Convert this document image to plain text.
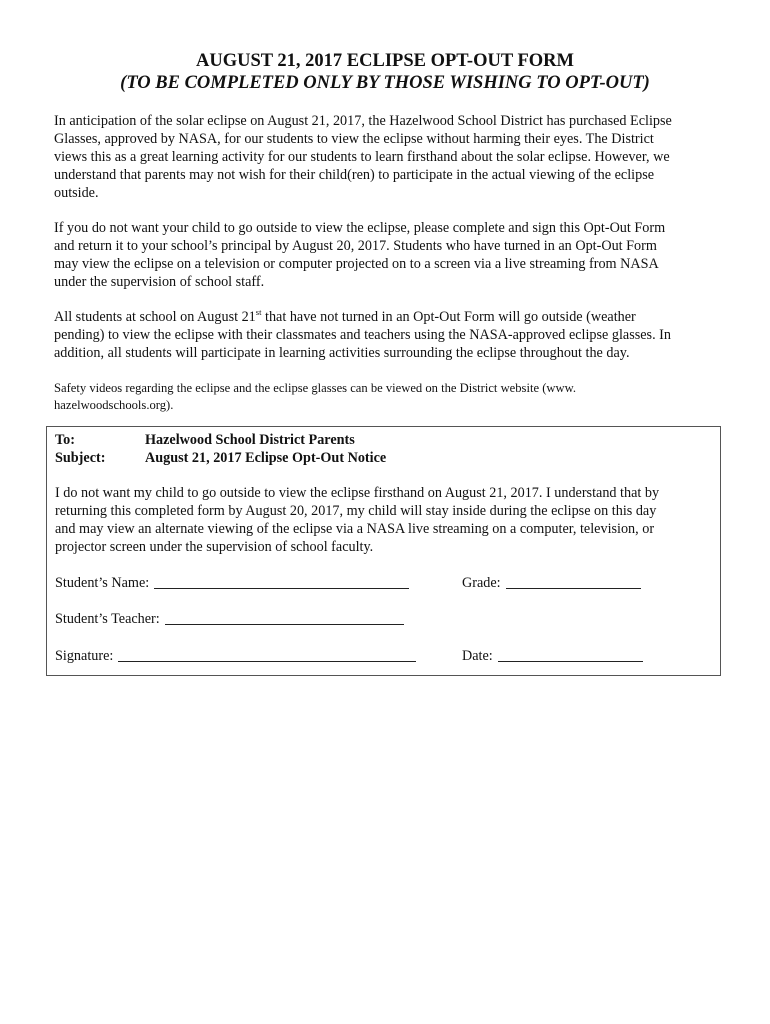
AUGUST 21, 2017 ECLIPSE OPT-OUT FORM
(TO BE COMPLETED ONLY BY THOSE WISHING TO OPT-OUT)
In anticipation of the solar eclipse on August 21, 2017, the Hazelwood School District has purchased Eclipse
Glasses, approved by NASA, for our students to view the eclipse without harming their eyes. The District
views this as a great learning activity for our students to learn firsthand about the solar eclipse. However, we
understand that parents may not wish for their child(ren) to participate in the actual viewing of the eclipse
outside.
If you do not want your child to go outside to view the eclipse, please complete and sign this Opt-Out Form
and return it to your school’s principal by August 20, 2017. Students who have turned in an Opt-Out Form
may view the eclipse on a television or computer projected on to a screen via a live streaming from NASA
under the supervision of school staff.
All students at school on August 21st that have not turned in an Opt-Out Form will go outside (weather
pending) to view the eclipse with their classmates and teachers using the NASA-approved eclipse glasses. In
addition, all students will participate in learning activities surrounding the eclipse throughout the day.
Safety videos regarding the eclipse and the eclipse glasses can be viewed on the District website (www.
hazelwoodschools.org).
To:	Hazelwood School District Parents
Subject:	August 21, 2017 Eclipse Opt-Out Notice
I do not want my child to go outside to view the eclipse firsthand on August 21, 2017. I understand that by
returning this completed form by August 20, 2017, my child will stay inside during the eclipse on this day
and may view an alternate viewing of the eclipse via a NASA live streaming on a computer, television, or
projector screen under the supervision of school faculty.
Student’s Name:	Grade:
Student’s Teacher:
Signature:	Date:
